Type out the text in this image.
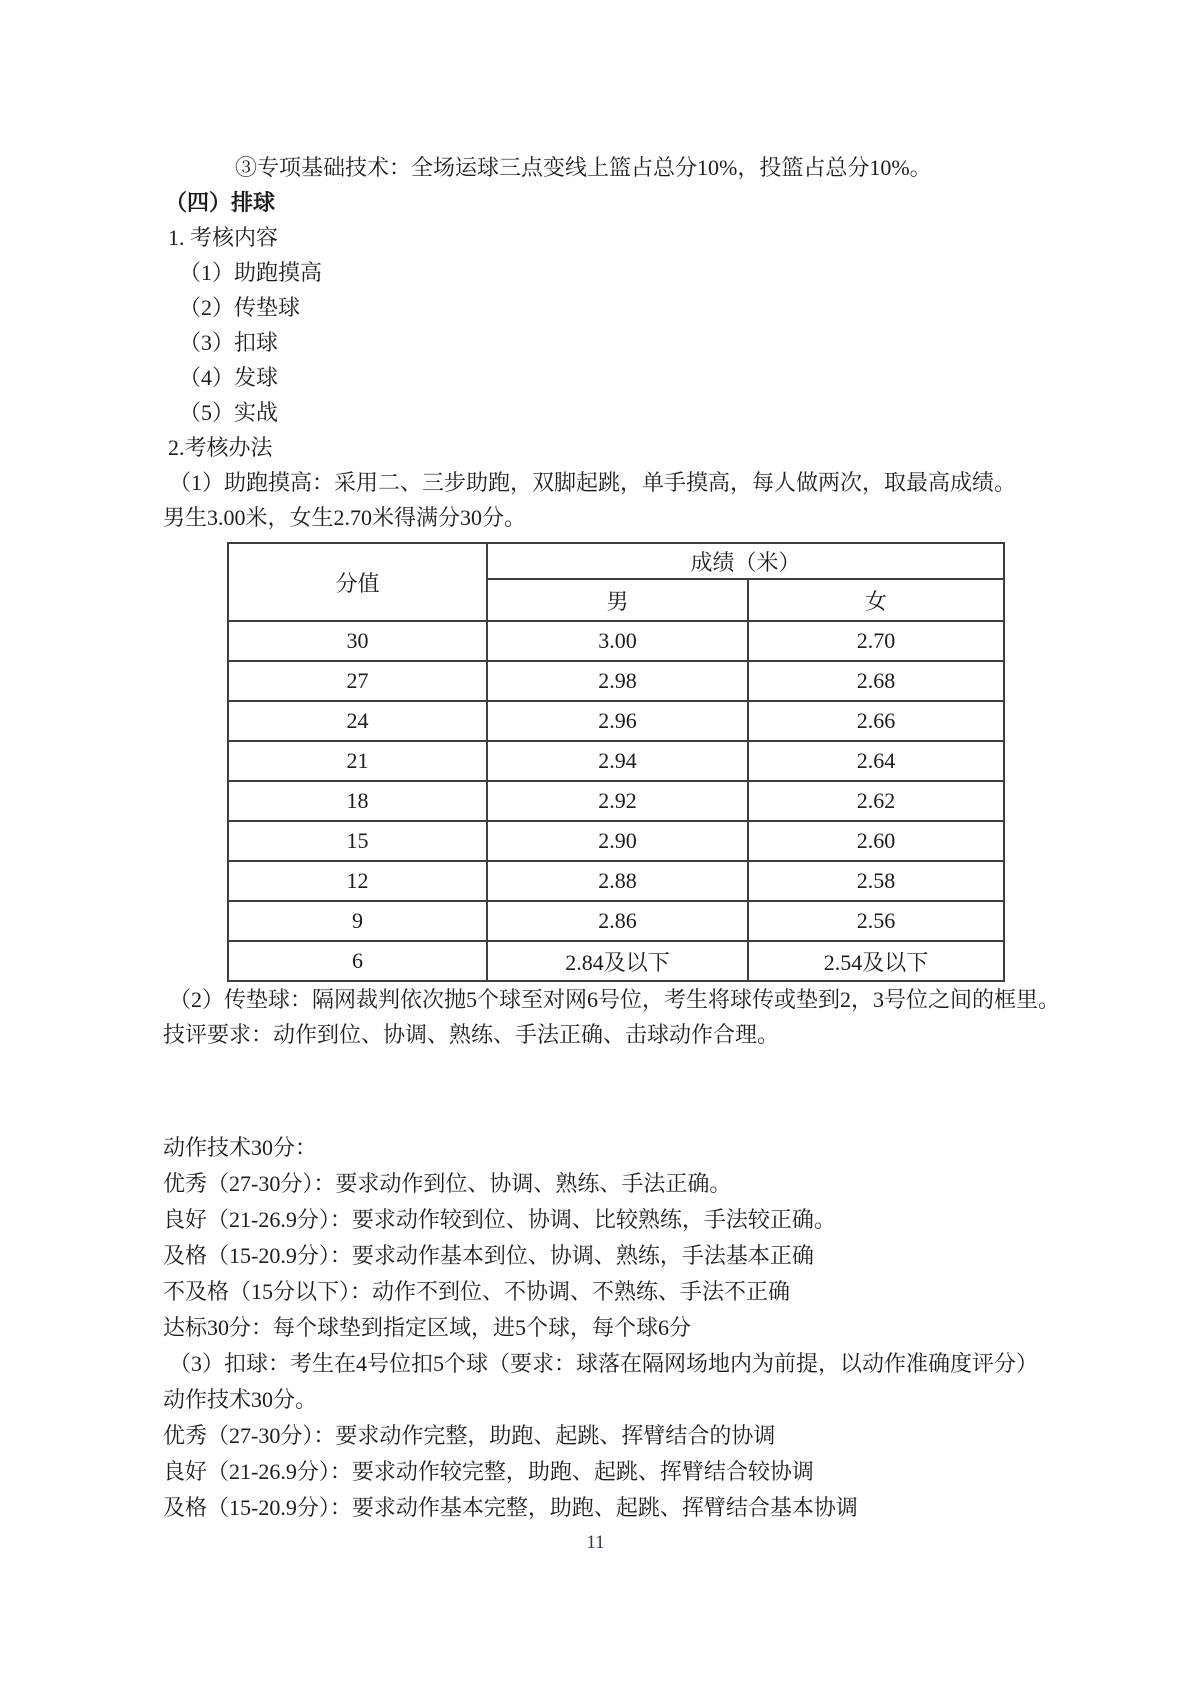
③专项基础技术：全场运球三点变线上篮占总分10%，投篮占总分10%。

（四）排球

1. 考核内容

（1）助跑摸高

（2）传垫球

（3）扣球

（4）发球

（5）实战

2.考核办法

（1）助跑摸高：采用二、三步助跑，双脚起跳，单手摸高，每人做两次，取最高成绩。

男生3.00米，女生2.70米得满分30分。

分值	成绩（米）	
	男	女
30	3.00	2.70
27	2.98	2.68
24	2.96	2.66
21	2.94	2.64
18	2.92	2.62
15	2.90	2.60
12	2.88	2.58
9	2.86	2.56
6	2.84及以下	2.54及以下

（2）传垫球：隔网裁判依次抛5个球至对网6号位，考生将球传或垫到2，3号位之间的框里。

技评要求：动作到位、协调、熟练、手法正确、击球动作合理。

动作技术30分：

优秀（27-30分）：要求动作到位、协调、熟练、手法正确。

良好（21-26.9分）：要求动作较到位、协调、比较熟练，手法较正确。

及格（15-20.9分）：要求动作基本到位、协调、熟练，手法基本正确

不及格（15分以下）：动作不到位、不协调、不熟练、手法不正确

达标30分：每个球垫到指定区域，进5个球，每个球6分

（3）扣球：考生在4号位扣5个球（要求：球落在隔网场地内为前提，以动作准确度评分）

动作技术30分。

优秀（27-30分）：要求动作完整，助跑、起跳、挥臂结合的协调

良好（21-26.9分）：要求动作较完整，助跑、起跳、挥臂结合较协调

及格（15-20.9分）：要求动作基本完整，助跑、起跳、挥臂结合基本协调

11
